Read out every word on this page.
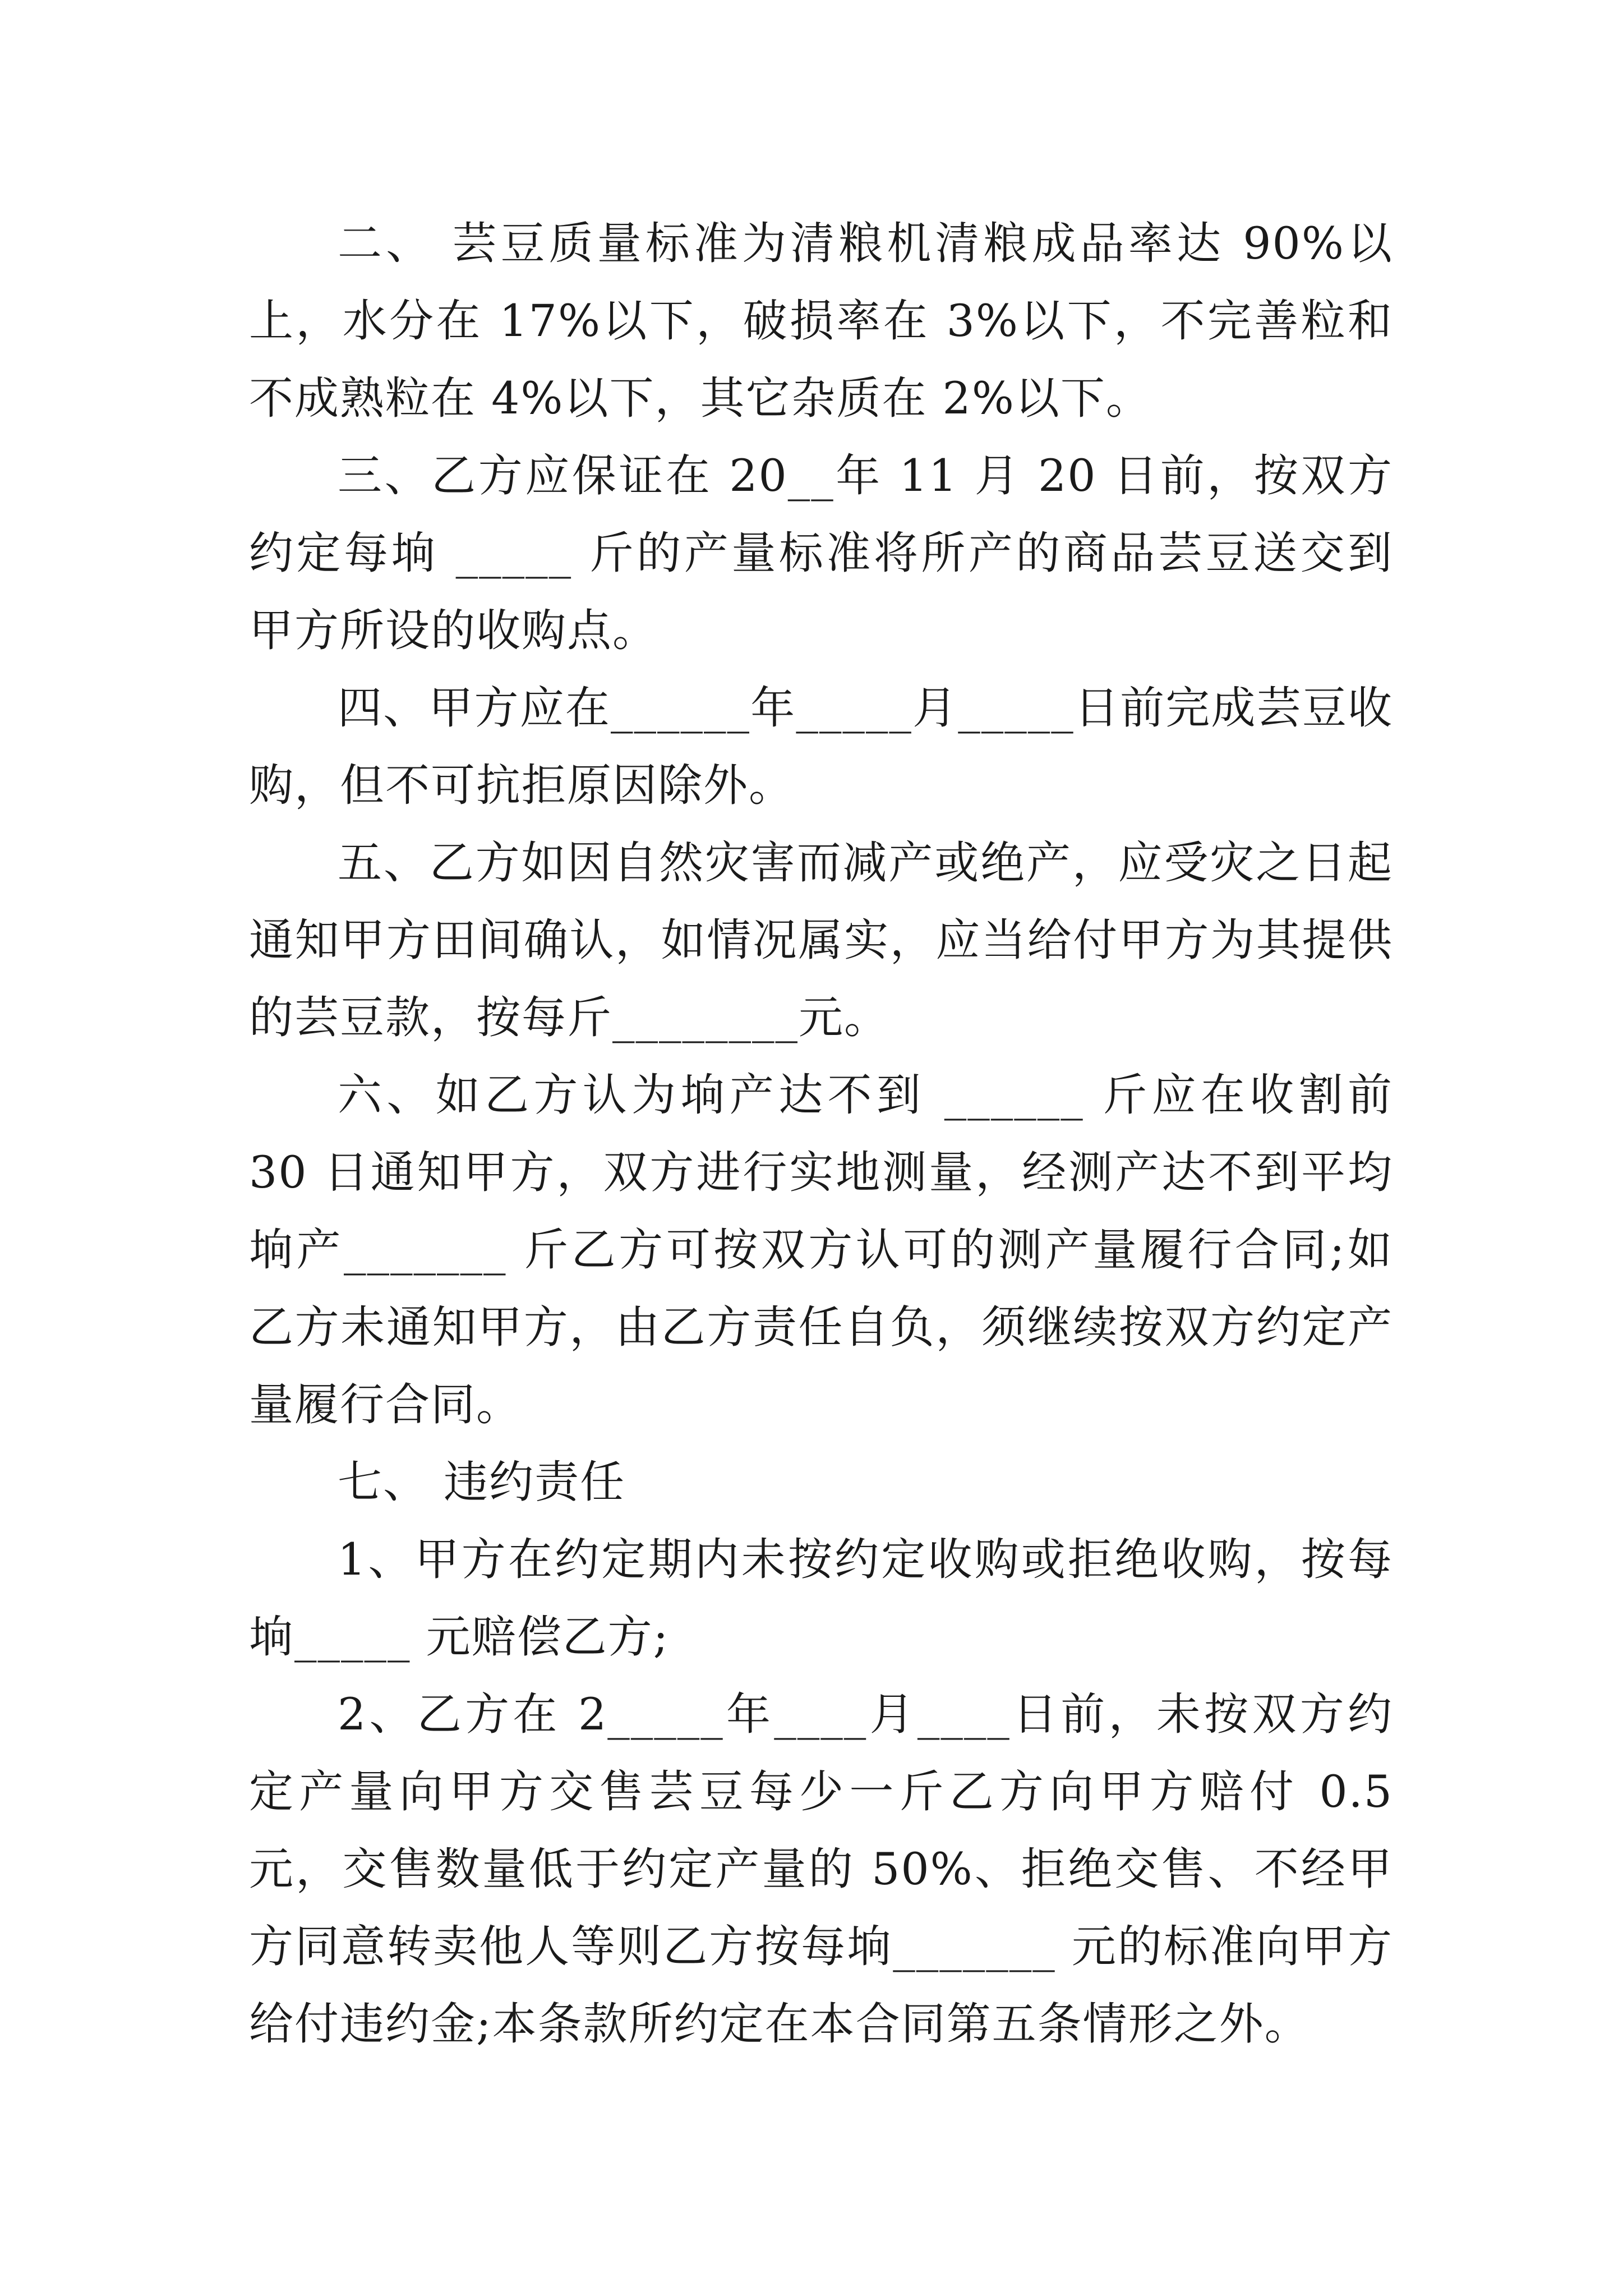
二、 芸豆质量标准为清粮机清粮成品率达 90%以上，水分在 17%以下，破损率在 3%以下，不完善粒和不成熟粒在 4%以下，其它杂质在 2%以下。

三、乙方应保证在 20__年 11 月 20 日前，按双方约定每垧 _____ 斤的产量标准将所产的商品芸豆送交到甲方所设的收购点。

四、甲方应在______年_____月_____日前完成芸豆收购，但不可抗拒原因除外。

五、乙方如因自然灾害而减产或绝产，应受灾之日起通知甲方田间确认，如情况属实，应当给付甲方为其提供的芸豆款，按每斤________元。

六、如乙方认为垧产达不到 ______ 斤应在收割前 30 日通知甲方，双方进行实地测量，经测产达不到平均垧产_______ 斤乙方可按双方认可的测产量履行合同;如乙方未通知甲方，由乙方责任自负，须继续按双方约定产量履行合同。

七、 违约责任

1、甲方在约定期内未按约定收购或拒绝收购，按每垧_____ 元赔偿乙方;

2、乙方在 2_____年____月____日前，未按双方约定产量向甲方交售芸豆每少一斤乙方向甲方赔付 0.5 元，交售数量低于约定产量的 50%、拒绝交售、不经甲方同意转卖他人等则乙方按每垧_______ 元的标准向甲方给付违约金;本条款所约定在本合同第五条情形之外。
